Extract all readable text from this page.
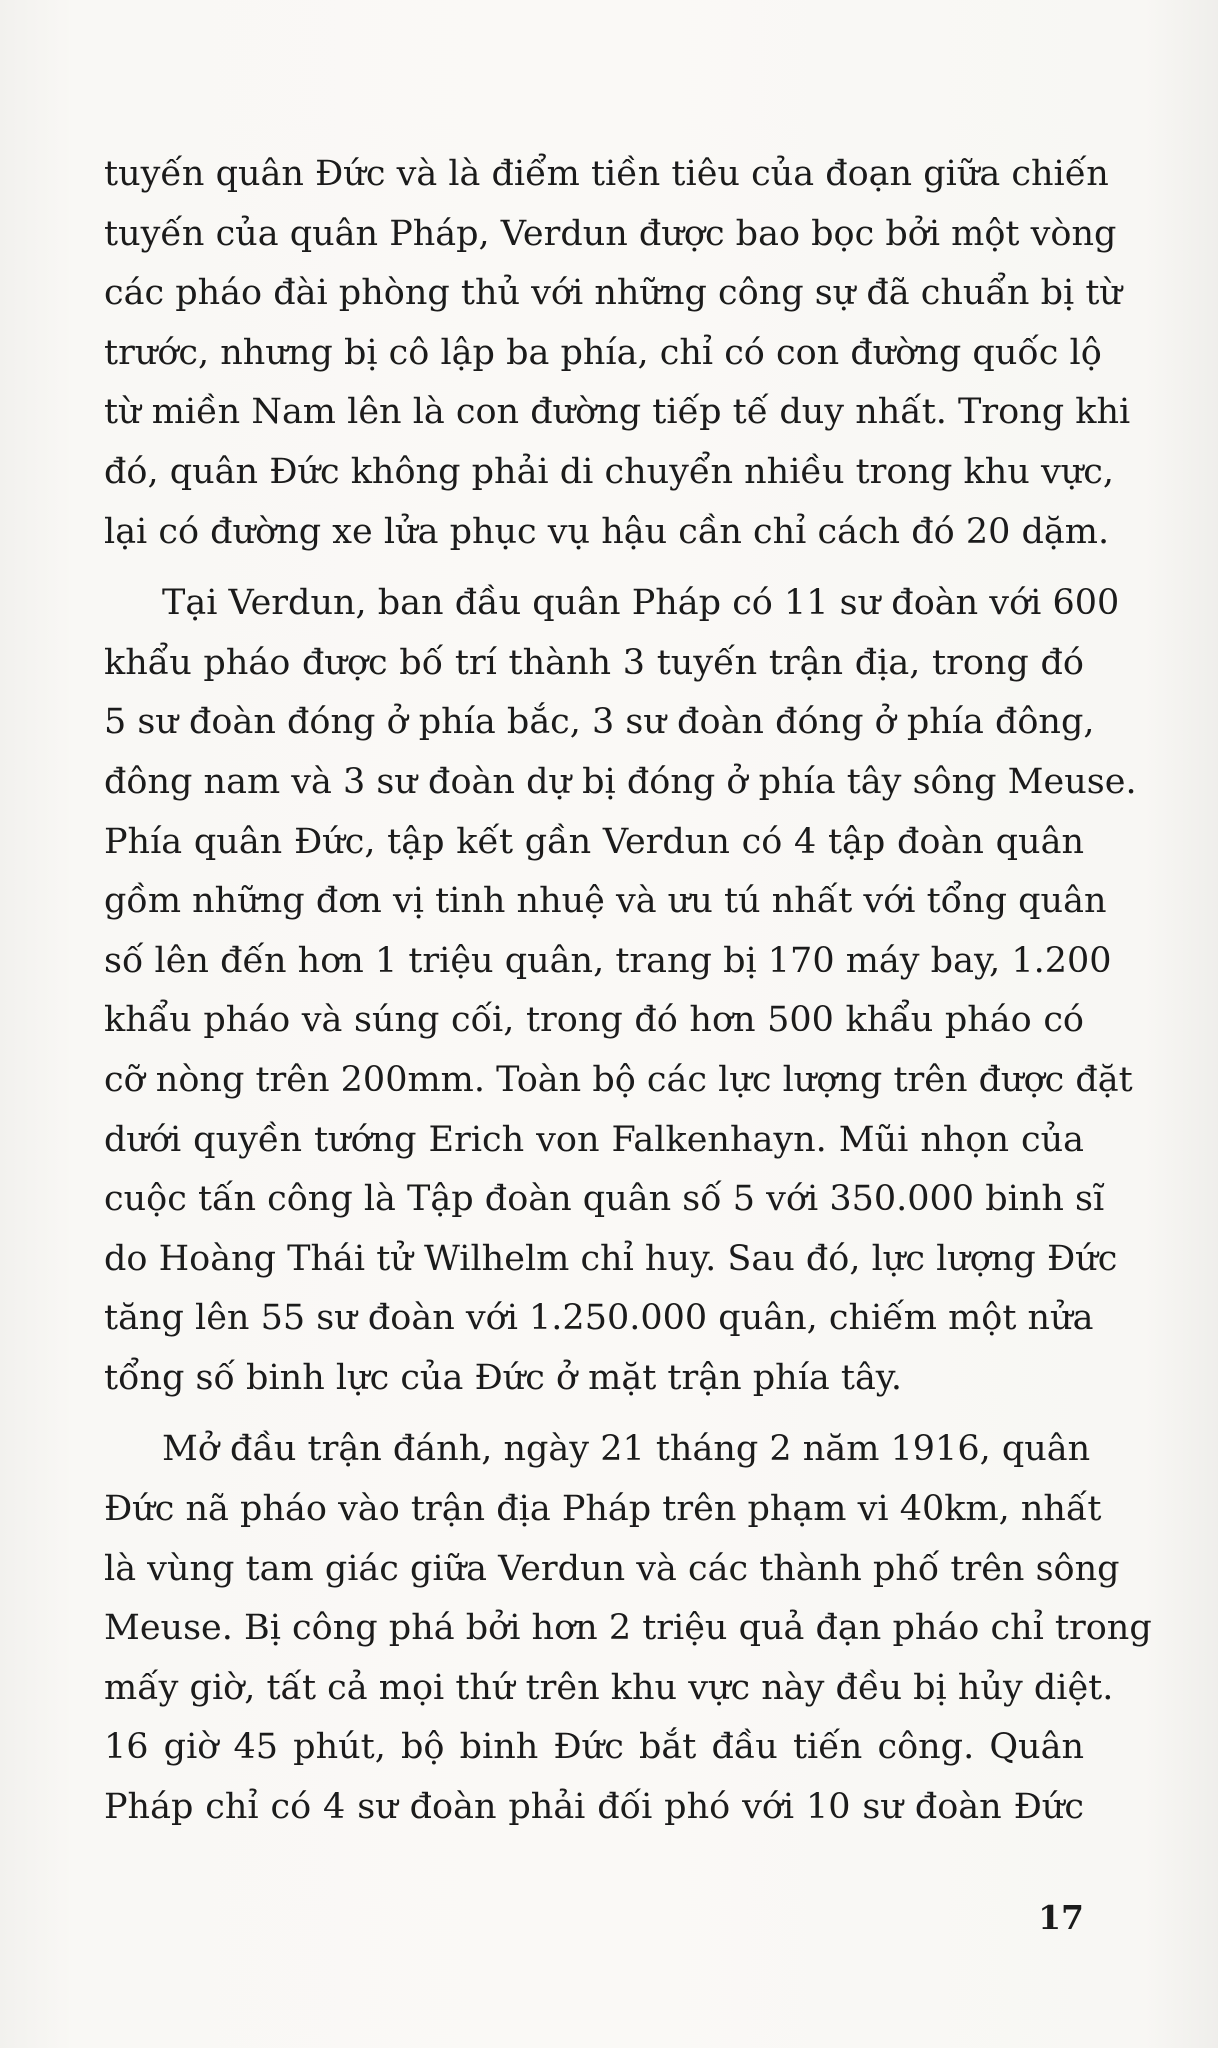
tuyến quân Đức và là điểm tiền tiêu của đoạn giữa chiến
tuyến của quân Pháp, Verdun được bao bọc bởi một vòng
các pháo đài phòng thủ với những công sự đã chuẩn bị từ
trước, nhưng bị cô lập ba phía, chỉ có con đường quốc lộ
từ miền Nam lên là con đường tiếp tế duy nhất. Trong khi
đó, quân Đức không phải di chuyển nhiều trong khu vực,
lại có đường xe lửa phục vụ hậu cần chỉ cách đó 20 dặm.
Tại Verdun, ban đầu quân Pháp có 11 sư đoàn với 600
khẩu pháo được bố trí thành 3 tuyến trận địa, trong đó
5 sư đoàn đóng ở phía bắc, 3 sư đoàn đóng ở phía đông,
đông nam và 3 sư đoàn dự bị đóng ở phía tây sông Meuse.
Phía quân Đức, tập kết gần Verdun có 4 tập đoàn quân
gồm những đơn vị tinh nhuệ và ưu tú nhất với tổng quân
số lên đến hơn 1 triệu quân, trang bị 170 máy bay, 1.200
khẩu pháo và súng cối, trong đó hơn 500 khẩu pháo có
cỡ nòng trên 200mm. Toàn bộ các lực lượng trên được đặt
dưới quyền tướng Erich von Falkenhayn. Mũi nhọn của
cuộc tấn công là Tập đoàn quân số 5 với 350.000 binh sĩ
do Hoàng Thái tử Wilhelm chỉ huy. Sau đó, lực lượng Đức
tăng lên 55 sư đoàn với 1.250.000 quân, chiếm một nửa
tổng số binh lực của Đức ở mặt trận phía tây.
Mở đầu trận đánh, ngày 21 tháng 2 năm 1916, quân
Đức nã pháo vào trận địa Pháp trên phạm vi 40km, nhất
là vùng tam giác giữa Verdun và các thành phố trên sông
Meuse. Bị công phá bởi hơn 2 triệu quả đạn pháo chỉ trong
mấy giờ, tất cả mọi thứ trên khu vực này đều bị hủy diệt.
16 giờ 45 phút, bộ binh Đức bắt đầu tiến công. Quân
Pháp chỉ có 4 sư đoàn phải đối phó với 10 sư đoàn Đức
17
